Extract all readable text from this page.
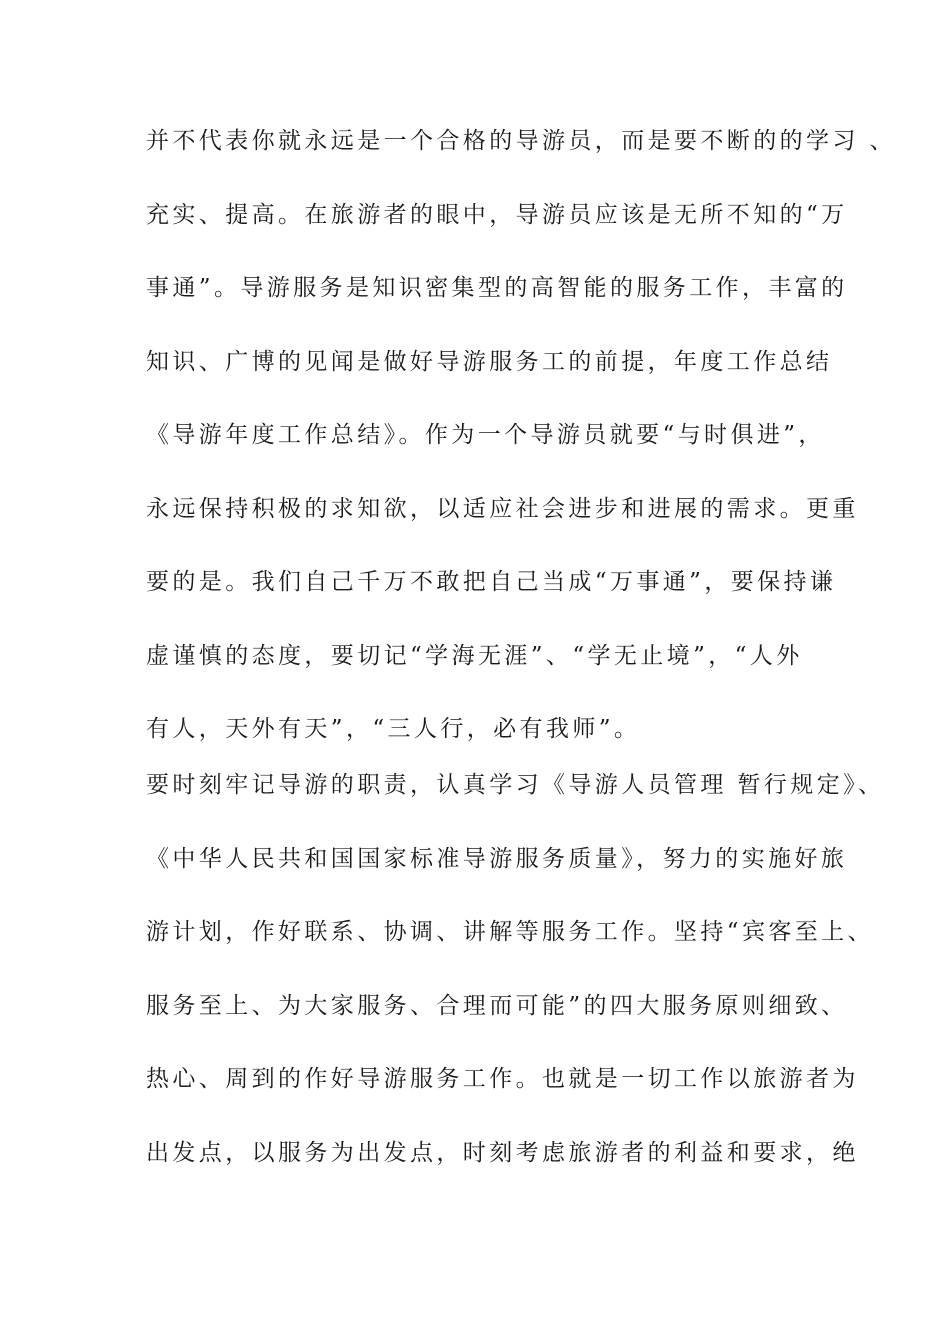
并不代表你就永远是一个合格的导游员，而是要不断的的学习 、

充实、提高。在旅游者的眼中，导游员应该是无所不知的“万

事通”。导游服务是知识密集型的高智能的服务工作，丰富的

知识、广博的见闻是做好导游服务工的前提，年度工作总结

《导游年度工作总结》。作为一个导游员就要“与时俱进”，

永远保持积极的求知欲，以适应社会进步和进展的需求。更重

要的是。我们自己千万不敢把自己当成“万事通”，要保持谦

虚谨慎的态度，要切记“学海无涯”、“学无止境”，“人外

有人，天外有天”，“三人行，必有我师”。

要时刻牢记导游的职责，认真学习《导游人员管理 暂行规定》、

《中华人民共和国国家标准导游服务质量》，努力的实施好旅

游计划，作好联系、协调、讲解等服务工作。坚持“宾客至上、

服务至上、为大家服务、合理而可能”的四大服务原则细致、

热心、周到的作好导游服务工作。也就是一切工作以旅游者为

出发点，以服务为出发点，时刻考虑旅游者的利益和要求，绝
